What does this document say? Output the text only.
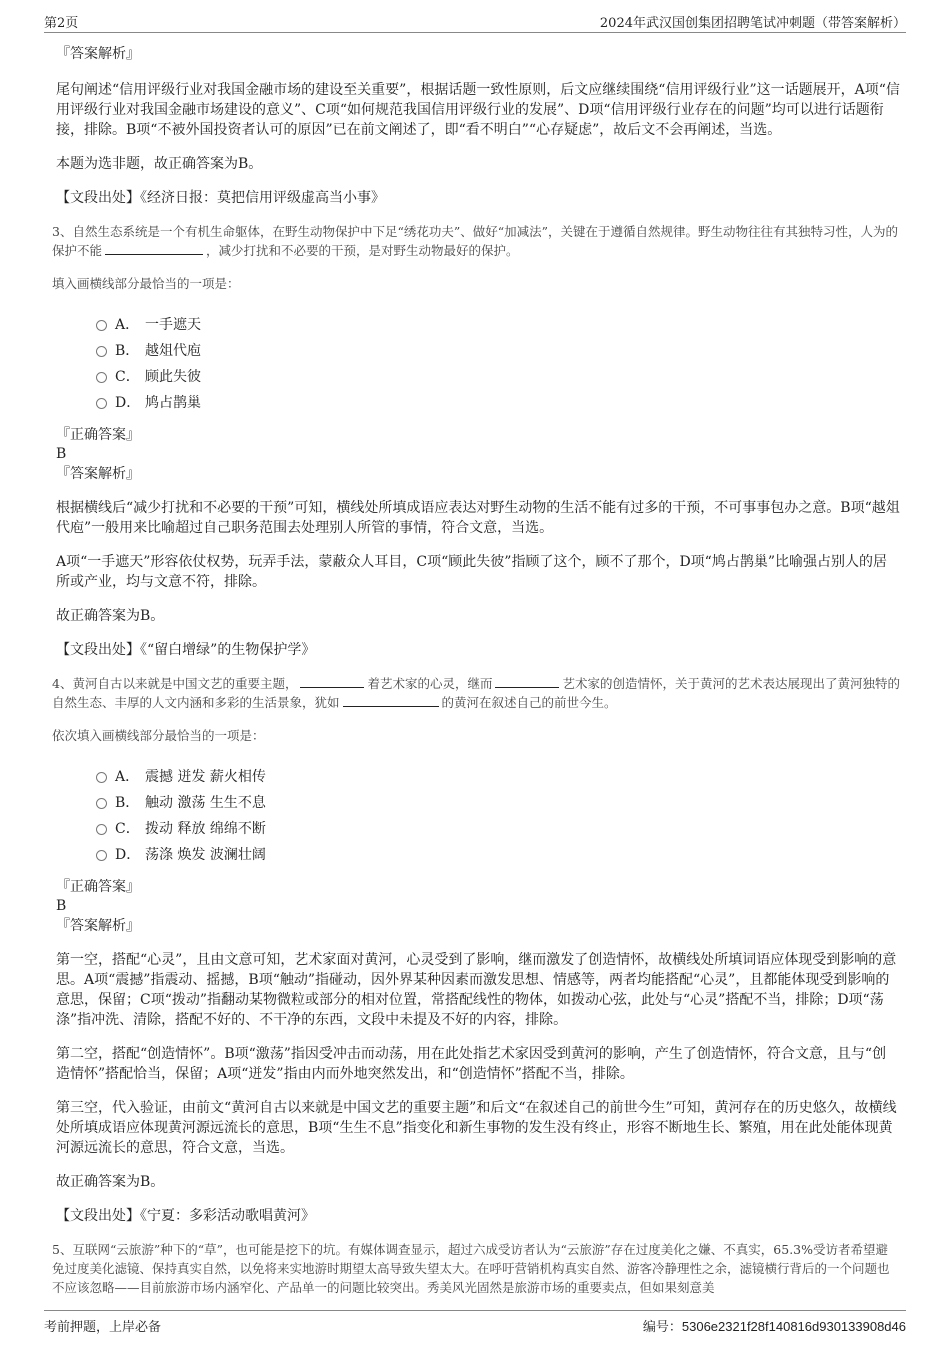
第2页	2024年武汉国创集团招聘笔试冲刺题（带答案解析）
『答案解析』

尾句阐述“信用评级行业对我国金融市场的建设至关重要”，根据话题一致性原则，后文应继续围绕“信用评级行业”这一话题展开，A项“信用评级行业对我国金融市场建设的意义”、C项“如何规范我国信用评级行业的发展”、D项“信用评级行业存在的问题”均可以进行话题衔接，排除。B项“不被外国投资者认可的原因”已在前文阐述了，即“看不明白”“心存疑虑”，故后文不会再阐述，当选。

本题为选非题，故正确答案为B。

【文段出处】《经济日报：莫把信用评级虚高当小事》

3、自然生态系统是一个有机生命躯体，在野生动物保护中下足“绣花功夫”、做好“加减法”，关键在于遵循自然规律。野生动物往往有其独特习性，人为的保护不能	，减少打扰和不必要的干预，是对野生动物最好的保护。

填入画横线部分最恰当的一项是：

A． 一手遮天
B． 越俎代庖
C． 顾此失彼
D． 鸠占鹊巢
『正确答案』
B
『答案解析』

根据横线后“减少打扰和不必要的干预”可知，横线处所填成语应表达对野生动物的生活不能有过多的干预，不可事事包办之意。B项“越俎代庖”一般用来比喻超过自己职务范围去处理别人所管的事情，符合文意，当选。

A项“一手遮天”形容依仗权势，玩弄手法，蒙蔽众人耳目，C项“顾此失彼”指顾了这个，顾不了那个，D项“鸠占鹊巢”比喻强占别人的居所或产业，均与文意不符，排除。

故正确答案为B。

【文段出处】《“留白增绿”的生物保护学》

4、黄河自古以来就是中国文艺的重要主题，	着艺术家的心灵，继而	艺术家的创造情怀，关于黄河的艺术表达展现出了黄河独特的自然生态、丰厚的人文内涵和多彩的生活景象，犹如	的黄河在叙述自己的前世今生。

依次填入画横线部分最恰当的一项是：

A． 震撼 迸发 薪火相传
B． 触动 激荡 生生不息
C． 拨动 释放 绵绵不断
D． 荡涤 焕发 波澜壮阔
『正确答案』
B
『答案解析』

第一空，搭配“心灵”，且由文意可知，艺术家面对黄河，心灵受到了影响，继而激发了创造情怀，故横线处所填词语应体现受到影响的意思。A项“震撼”指震动、摇撼，B项“触动”指碰动，因外界某种因素而激发思想、情感等，两者均能搭配“心灵”，且都能体现受到影响的意思，保留；C项“拨动”指翻动某物微粒或部分的相对位置，常搭配线性的物体，如拨动心弦，此处与“心灵”搭配不当，排除；D项“荡涤”指冲洗、清除，搭配不好的、不干净的东西，文段中未提及不好的内容，排除。

第二空，搭配“创造情怀”。B项“激荡”指因受冲击而动荡，用在此处指艺术家因受到黄河的影响，产生了创造情怀，符合文意，且与“创造情怀”搭配恰当，保留；A项“迸发”指由内而外地突然发出，和“创造情怀”搭配不当，排除。

第三空，代入验证，由前文“黄河自古以来就是中国文艺的重要主题”和后文“在叙述自己的前世今生”可知，黄河存在的历史悠久，故横线处所填成语应体现黄河源远流长的意思，B项“生生不息”指变化和新生事物的发生没有终止，形容不断地生长、繁殖，用在此处能体现黄河源远流长的意思，符合文意，当选。

故正确答案为B。

【文段出处】《宁夏：多彩活动歌唱黄河》

5、互联网“云旅游”种下的“草”，也可能是挖下的坑。有媒体调查显示，超过六成受访者认为“云旅游”存在过度美化之嫌、不真实，65.3%受访者希望避免过度美化滤镜、保持真实自然，以免将来实地游时期望太高导致失望太大。在呼吁营销机构真实自然、游客冷静理性之余，滤镜横行背后的一个问题也不应该忽略——目前旅游市场内涵窄化、产品单一的问题比较突出。秀美风光固然是旅游市场的重要卖点，但如果刻意美

考前押题，上岸必备	编号：5306e2321f28f140816d930133908d46
